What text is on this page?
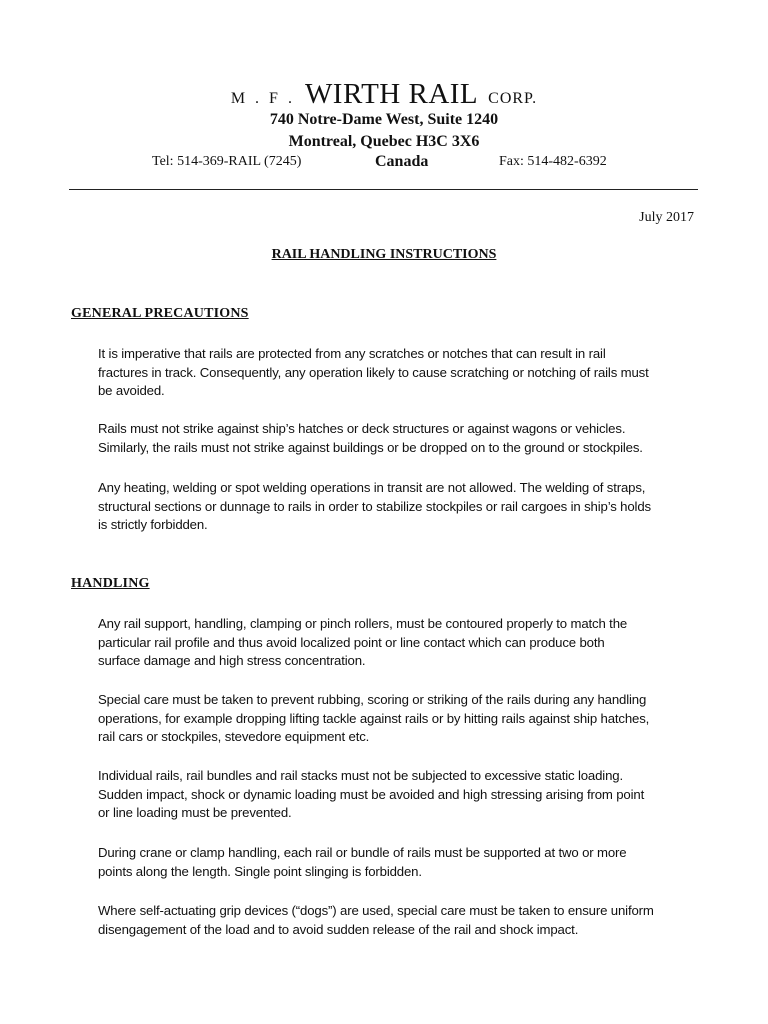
M . F . WIRTH RAIL CORP.
740 Notre-Dame West, Suite 1240
Montreal, Quebec H3C 3X6
Tel: 514-369-RAIL (7245)	Canada	Fax: 514-482-6392
July 2017
RAIL HANDLING INSTRUCTIONS
GENERAL PRECAUTIONS

It is imperative that rails are protected from any scratches or notches that can result in rail
fractures in track. Consequently, any operation likely to cause scratching or notching of rails must
be avoided.

Rails must not strike against ship’s hatches or deck structures or against wagons or vehicles.
Similarly, the rails must not strike against buildings or be dropped on to the ground or stockpiles.

Any heating, welding or spot welding operations in transit are not allowed. The welding of straps,
structural sections or dunnage to rails in order to stabilize stockpiles or rail cargoes in ship’s holds
is strictly forbidden.

HANDLING

Any rail support, handling, clamping or pinch rollers, must be contoured properly to match the
particular rail profile and thus avoid localized point or line contact which can produce both
surface damage and high stress concentration.

Special care must be taken to prevent rubbing, scoring or striking of the rails during any handling
operations, for example dropping lifting tackle against rails or by hitting rails against ship hatches,
rail cars or stockpiles, stevedore equipment etc.

Individual rails, rail bundles and rail stacks must not be subjected to excessive static loading.
Sudden impact, shock or dynamic loading must be avoided and high stressing arising from point
or line loading must be prevented.

During crane or clamp handling, each rail or bundle of rails must be supported at two or more
points along the length. Single point slinging is forbidden.

Where self-actuating grip devices (“dogs”) are used, special care must be taken to ensure uniform
disengagement of the load and to avoid sudden release of the rail and shock impact.
